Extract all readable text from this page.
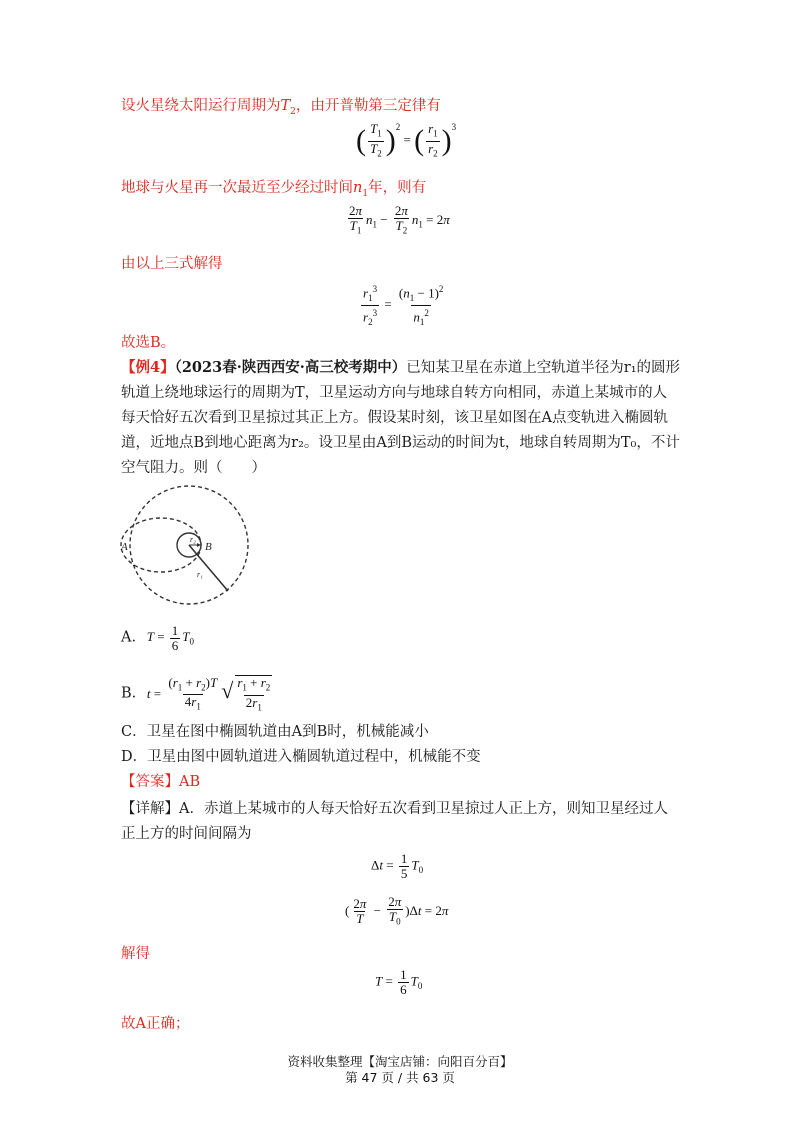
设火星绕太阳运行周期为$T_2$，由开普勒第三定律有
( $\frac{T_1}{T_2} )^2$ = ( $\frac{r_1}{r_2} )^3$
地球与火星再一次最近至少经过时间$n_1$年，则有
$\frac{2\pi}{T_1} n_1 - \frac{2\pi}{T_2} n_1 = 2\pi$
由以上三式解得
$\frac{r_1^3}{r_2^3} = \frac{(n_1 - 1)^2}{n_1^2}$
故选B。
【例4】（2023春·陕西西安·高三校考期中）已知某卫星在赤道上空轨道半径为r₁的圆形轨道上绕地球运行的周期为T，卫星运动方向与地球自转方向相同，赤道上某城市的人每天恰好五次看到卫星掠过其正上方。假设某时刻，该卫星如图在A点变轨进入椭圆轨道，近地点B到地心距离为r₂。设卫星由A到B运动的时间为t，地球自转周期为T₀，不计空气阻力。则（　　）
A	B
r₂
r₁
A. $T = \frac{1}{6} T_0$
B. $t = \frac{(r_1 + r_2)T}{4r_1}$ √ $\frac{r_1 + r_2}{2r_1}$
C．卫星在图中椭圆轨道由A到B时，机械能减小
D．卫星由图中圆轨道进入椭圆轨道过程中，机械能不变
【答案】AB
【详解】A．赤道上某城市的人每天恰好五次看到卫星掠过人正上方，则知卫星经过人正上方的时间间隔为
$\Delta t = \frac{1}{5} T_0$
( $\frac{2\pi}{T} - \frac{2\pi}{T_0} )\Delta t = 2\pi$
解得
$T = \frac{1}{6} T_0$
故A正确；
资料收集整理【淘宝店铺：向阳百分百】
第 47 页 / 共 63 页
